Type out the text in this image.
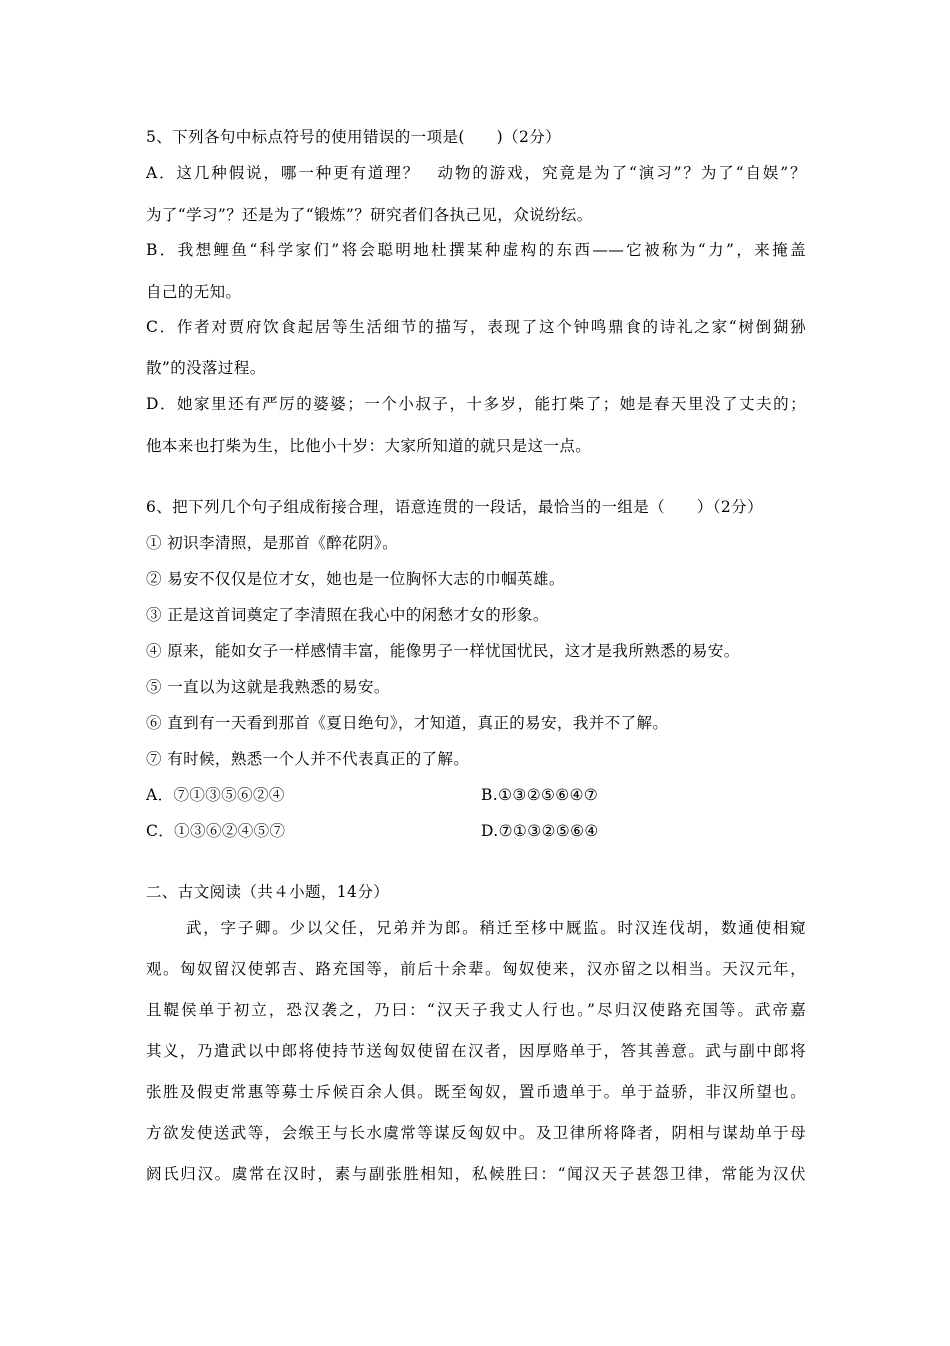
5、下列各句中标点符号的使用错误的一项是(　　)（2分）
A．这几种假说，哪一种更有道理？　动物的游戏，究竟是为了“演习”？为了“自娱”？
为了“学习”？还是为了“锻炼”？研究者们各执己见，众说纷纭。
B．我想鲤鱼“科学家们”将会聪明地杜撰某种虚构的东西——它被称为“力”，来掩盖
自己的无知。
C．作者对贾府饮食起居等生活细节的描写，表现了这个钟鸣鼎食的诗礼之家“树倒猢狲
散”的没落过程。
D．她家里还有严厉的婆婆；一个小叔子，十多岁，能打柴了；她是春天里没了丈夫的；
他本来也打柴为生，比他小十岁：大家所知道的就只是这一点。
6、把下列几个句子组成衔接合理，语意连贯的一段话，最恰当的一组是（　　）（2分）
① 初识李清照，是那首《醉花阴》。
② 易安不仅仅是位才女，她也是一位胸怀大志的巾帼英雄。
③ 正是这首词奠定了李清照在我心中的闲愁才女的形象。
④ 原来，能如女子一样感情丰富，能像男子一样忧国忧民，这才是我所熟悉的易安。
⑤ 一直以为这就是我熟悉的易安。
⑥ 直到有一天看到那首《夏日绝句》，才知道，真正的易安，我并不了解。
⑦ 有时候，熟悉一个人并不代表真正的了解。
A．⑦①③⑤⑥②④	B.①③②⑤⑥④⑦
C．①③⑥②④⑤⑦	D.⑦①③②⑤⑥④
二、古文阅读（共４小题，14分）
武，字子卿。少以父任，兄弟并为郎。稍迁至栘中厩监。时汉连伐胡，数通使相窥
观。匈奴留汉使郭吉、路充国等，前后十余辈。匈奴使来，汉亦留之以相当。天汉元年，
且鞮侯单于初立，恐汉袭之，乃曰：“汉天子我丈人行也。”尽归汉使路充国等。武帝嘉
其义，乃遣武以中郎将使持节送匈奴使留在汉者，因厚赂单于，答其善意。武与副中郎将
张胜及假吏常惠等募士斥候百余人俱。既至匈奴，置币遗单于。单于益骄，非汉所望也。
方欲发使送武等，会缑王与长水虞常等谋反匈奴中。及卫律所将降者，阴相与谋劫单于母
阏氏归汉。虞常在汉时，素与副张胜相知，私候胜曰：“闻汉天子甚怨卫律，常能为汉伏
